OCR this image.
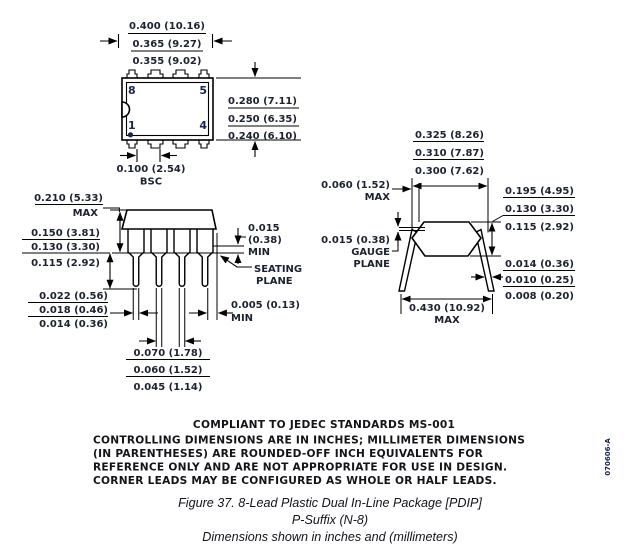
8	5
1	4
0.400 (10.16)
0.365 (9.27)
0.355 (9.02)
0.280 (7.11)
0.250 (6.35)
0.240 (6.10)
0.100 (2.54)
BSC
0.210 (5.33)
MAX
0.150 (3.81)
0.130 (3.30)
0.115 (2.92)
0.022 (0.56)
0.018 (0.46)
0.014 (0.36)
0.070 (1.78)
0.060 (1.52)
0.045 (1.14)
0.015
(0.38)
MIN
SEATING
PLANE
0.005 (0.13)
MIN
0.325 (8.26)
0.310 (7.87)
0.300 (7.62)
0.060 (1.52)
MAX
0.015 (0.38)
GAUGE
PLANE
0.195 (4.95)
0.130 (3.30)
0.115 (2.92)
0.014 (0.36)
0.010 (0.25)
0.008 (0.20)
0.430 (10.92)
MAX
COMPLIANT TO JEDEC STANDARDS MS-001
CONTROLLING DIMENSIONS ARE IN INCHES; MILLIMETER DIMENSIONS
(IN PARENTHESES) ARE ROUNDED-OFF INCH EQUIVALENTS FOR
REFERENCE ONLY AND ARE NOT APPROPRIATE FOR USE IN DESIGN.
CORNER LEADS MAY BE CONFIGURED AS WHOLE OR HALF LEADS.
Figure 37. 8-Lead Plastic Dual In-Line Package [PDIP]
P-Suffix (N-8)
Dimensions shown in inches and (millimeters)
070606-A
